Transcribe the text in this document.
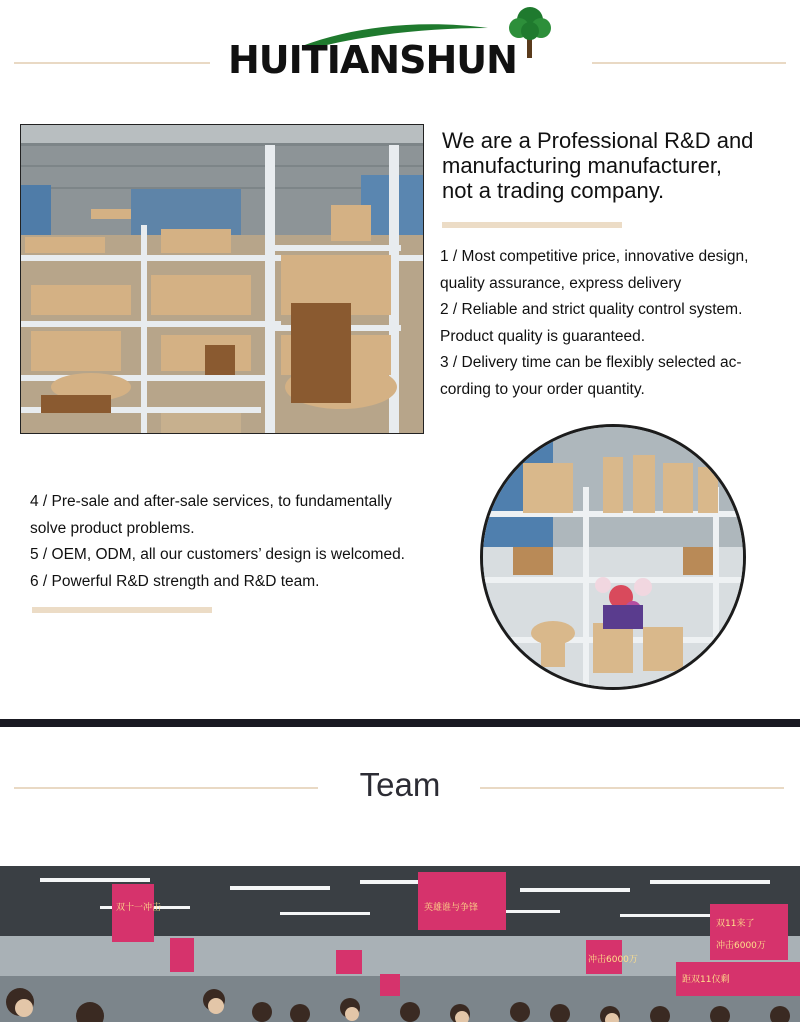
HUITIANSHUN
We are a Professional R&D and
manufacturing manufacturer,
not a trading company.
1 / Most competitive price, innovative design,
quality assurance, express delivery
2 / Reliable and strict quality control system.
Product quality is guaranteed.
3 / Delivery time can be flexibly selected ac-
cording to your order quantity.
4 / Pre-sale and after-sale services, to fundamentally
solve product problems.
5 / OEM, ODM, all our customers’ design is welcomed.
6 / Powerful R&D strength and R&D team.
Team
双十一冲击	英雄谁与争锋
双11来了
冲击6000万
距双11仅剩
冲击6000万
